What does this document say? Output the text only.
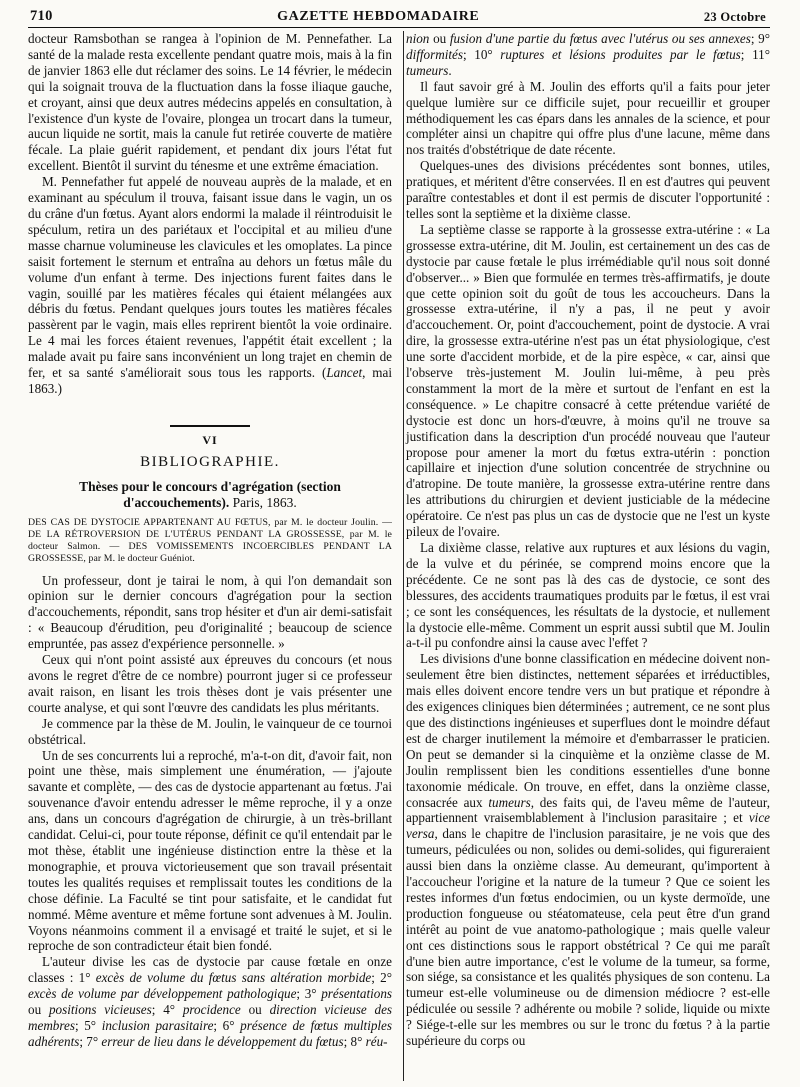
710	GAZETTE HEBDOMADAIRE	23 Octobre

docteur Ramsbothan se rangea à l'opinion de M. Pennefather. La santé de la malade resta excellente pendant quatre mois, mais à la fin de janvier 1863 elle dut réclamer des soins. Le 14 février, le médecin qui la soignait trouva de la fluctuation dans la fosse iliaque gauche, et croyant, ainsi que deux autres médecins appelés en consultation, à l'existence d'un kyste de l'ovaire, plongea un trocart dans la tumeur, aucun liquide ne sortit, mais la canule fut retirée couverte de matière fécale. La plaie guérit rapidement, et pendant dix jours l'état fut excellent. Bientôt il survint du ténesme et une extrême émaciation.

M. Pennefather fut appelé de nouveau auprès de la malade, et en examinant au spéculum il trouva, faisant issue dans le vagin, un os du crâne d'un fœtus. Ayant alors endormi la malade il réintroduisit le spéculum, retira un des pariétaux et l'occipital et au milieu d'une masse charnue volumineuse les clavicules et les omoplates. La pince saisit fortement le sternum et entraîna au dehors un fœtus mâle du volume d'un enfant à terme. Des injections furent faites dans le vagin, souillé par les matières fécales qui étaient mélangées aux débris du fœtus. Pendant quelques jours toutes les matières fécales passèrent par le vagin, mais elles reprirent bientôt la voie ordinaire. Le 4 mai les forces étaient revenues, l'appétit était excellent ; la malade avait pu faire sans inconvénient un long trajet en chemin de fer, et sa santé s'améliorait sous tous les rapports. (Lancet, mai 1863.)

VI
BIBLIOGRAPHIE.
Thèses pour le concours d'agrégation (section d'accouchements). Paris, 1863.
DES CAS DE DYSTOCIE APPARTENANT AU FŒTUS, par M. le docteur Joulin. — DE LA RÉTROVERSION DE L'UTÉRUS PENDANT LA GROSSESSE, par M. le docteur Salmon. — DES VOMISSEMENTS INCOERCIBLES PENDANT LA GROSSESSE, par M. le docteur Guéniot.

Un professeur, dont je tairai le nom, à qui l'on demandait son opinion sur le dernier concours d'agrégation pour la section d'accouchements, répondit, sans trop hésiter et d'un air demi-satisfait : « Beaucoup d'érudition, peu d'originalité ; beaucoup de science empruntée, pas assez d'expérience personnelle. »

Ceux qui n'ont point assisté aux épreuves du concours (et nous avons le regret d'être de ce nombre) pourront juger si ce professeur avait raison, en lisant les trois thèses dont je vais présenter une courte analyse, et qui sont l'œuvre des candidats les plus méritants.

Je commence par la thèse de M. Joulin, le vainqueur de ce tournoi obstétrical.

Un de ses concurrents lui a reproché, m'a-t-on dit, d'avoir fait, non point une thèse, mais simplement une énumération, — j'ajoute savante et complète, — des cas de dystocie appartenant au fœtus. J'ai souvenance d'avoir entendu adresser le même reproche, il y a onze ans, dans un concours d'agrégation de chirurgie, à un très-brillant candidat. Celui-ci, pour toute réponse, définit ce qu'il entendait par le mot thèse, établit une ingénieuse distinction entre la thèse et la monographie, et prouva victorieusement que son travail présentait toutes les qualités requises et remplissait toutes les conditions de la chose définie. La Faculté se tint pour satisfaite, et le candidat fut nommé. Même aventure et même fortune sont advenues à M. Joulin. Voyons néanmoins comment il a envisagé et traité le sujet, et si le reproche de son contradicteur était bien fondé.

L'auteur divise les cas de dystocie par cause fœtale en onze classes : 1° excès de volume du fœtus sans altération morbide; 2° excès de volume par développement pathologique; 3° présentations ou positions vicieuses; 4° procidence ou direction vicieuse des membres; 5° inclusion parasitaire; 6° présence de fœtus multiples adhérents; 7° erreur de lieu dans le développement du fœtus; 8° réu-

nion ou fusion d'une partie du fœtus avec l'utérus ou ses annexes; 9° difformités; 10° ruptures et lésions produites par le fœtus; 11° tumeurs.

Il faut savoir gré à M. Joulin des efforts qu'il a faits pour jeter quelque lumière sur ce difficile sujet, pour recueillir et grouper méthodiquement les cas épars dans les annales de la science, et pour compléter ainsi un chapitre qui offre plus d'une lacune, même dans nos traités d'obstétrique de date récente.

Quelques-unes des divisions précédentes sont bonnes, utiles, pratiques, et méritent d'être conservées. Il en est d'autres qui peuvent paraître contestables et dont il est permis de discuter l'opportunité : telles sont la septième et la dixième classe.

La septième classe se rapporte à la grossesse extra-utérine : « La grossesse extra-utérine, dit M. Joulin, est certainement un des cas de dystocie par cause fœtale le plus irrémédiable qu'il nous soit donné d'observer... » Bien que formulée en termes très-affirmatifs, je doute que cette opinion soit du goût de tous les accoucheurs. Dans la grossesse extra-utérine, il n'y a pas, il ne peut y avoir d'accouchement. Or, point d'accouchement, point de dystocie. A vrai dire, la grossesse extra-utérine n'est pas un état physiologique, c'est une sorte d'accident morbide, et de la pire espèce, « car, ainsi que l'observe très-justement M. Joulin lui-même, à peu près constamment la mort de la mère et surtout de l'enfant en est la conséquence. » Le chapitre consacré à cette prétendue variété de dystocie est donc un hors-d'œuvre, à moins qu'il ne trouve sa justification dans la description d'un procédé nouveau que l'auteur propose pour amener la mort du fœtus extra-utérin : ponction capillaire et injection d'une solution concentrée de strychnine ou d'atropine. De toute manière, la grossesse extra-utérine rentre dans les attributions du chirurgien et devient justiciable de la médecine opératoire. Ce n'est pas plus un cas de dystocie que ne l'est un kyste pileux de l'ovaire.

La dixième classe, relative aux ruptures et aux lésions du vagin, de la vulve et du périnée, se comprend moins encore que la précédente. Ce ne sont pas là des cas de dystocie, ce sont des blessures, des accidents traumatiques produits par le fœtus, il est vrai ; ce sont les conséquences, les résultats de la dystocie, et nullement la dystocie elle-même. Comment un esprit aussi subtil que M. Joulin a-t-il pu confondre ainsi la cause avec l'effet ?

Les divisions d'une bonne classification en médecine doivent non-seulement être bien distinctes, nettement séparées et irréductibles, mais elles doivent encore tendre vers un but pratique et répondre à des exigences cliniques bien déterminées ; autrement, ce ne sont plus que des distinctions ingénieuses et superflues dont le moindre défaut est de charger inutilement la mémoire et d'embarrasser le praticien. On peut se demander si la cinquième et la onzième classe de M. Joulin remplissent bien les conditions essentielles d'une bonne taxonomie médicale. On trouve, en effet, dans la onzième classe, consacrée aux tumeurs, des faits qui, de l'aveu même de l'auteur, appartiennent vraisemblablement à l'inclusion parasitaire ; et vice versa, dans le chapitre de l'inclusion parasitaire, je ne vois que des tumeurs, pédiculées ou non, solides ou demi-solides, qui figureraient aussi bien dans la onzième classe. Au demeurant, qu'importent à l'accoucheur l'origine et la nature de la tumeur ? Que ce soient les restes informes d'un fœtus endocimien, ou un kyste dermoïde, une production fongueuse ou stéatomateuse, cela peut être d'un grand intérêt au point de vue anatomo-pathologique ; mais quelle valeur ont ces distinctions sous le rapport obstétrical ? Ce qui me paraît d'une bien autre importance, c'est le volume de la tumeur, sa forme, son siége, sa consistance et les qualités physiques de son contenu. La tumeur est-elle volumineuse ou de dimension médiocre ? est-elle pédiculée ou sessile ? adhérente ou mobile ? solide, liquide ou mixte ? Siége-t-elle sur les membres ou sur le tronc du fœtus ? à la partie supérieure du corps ou
